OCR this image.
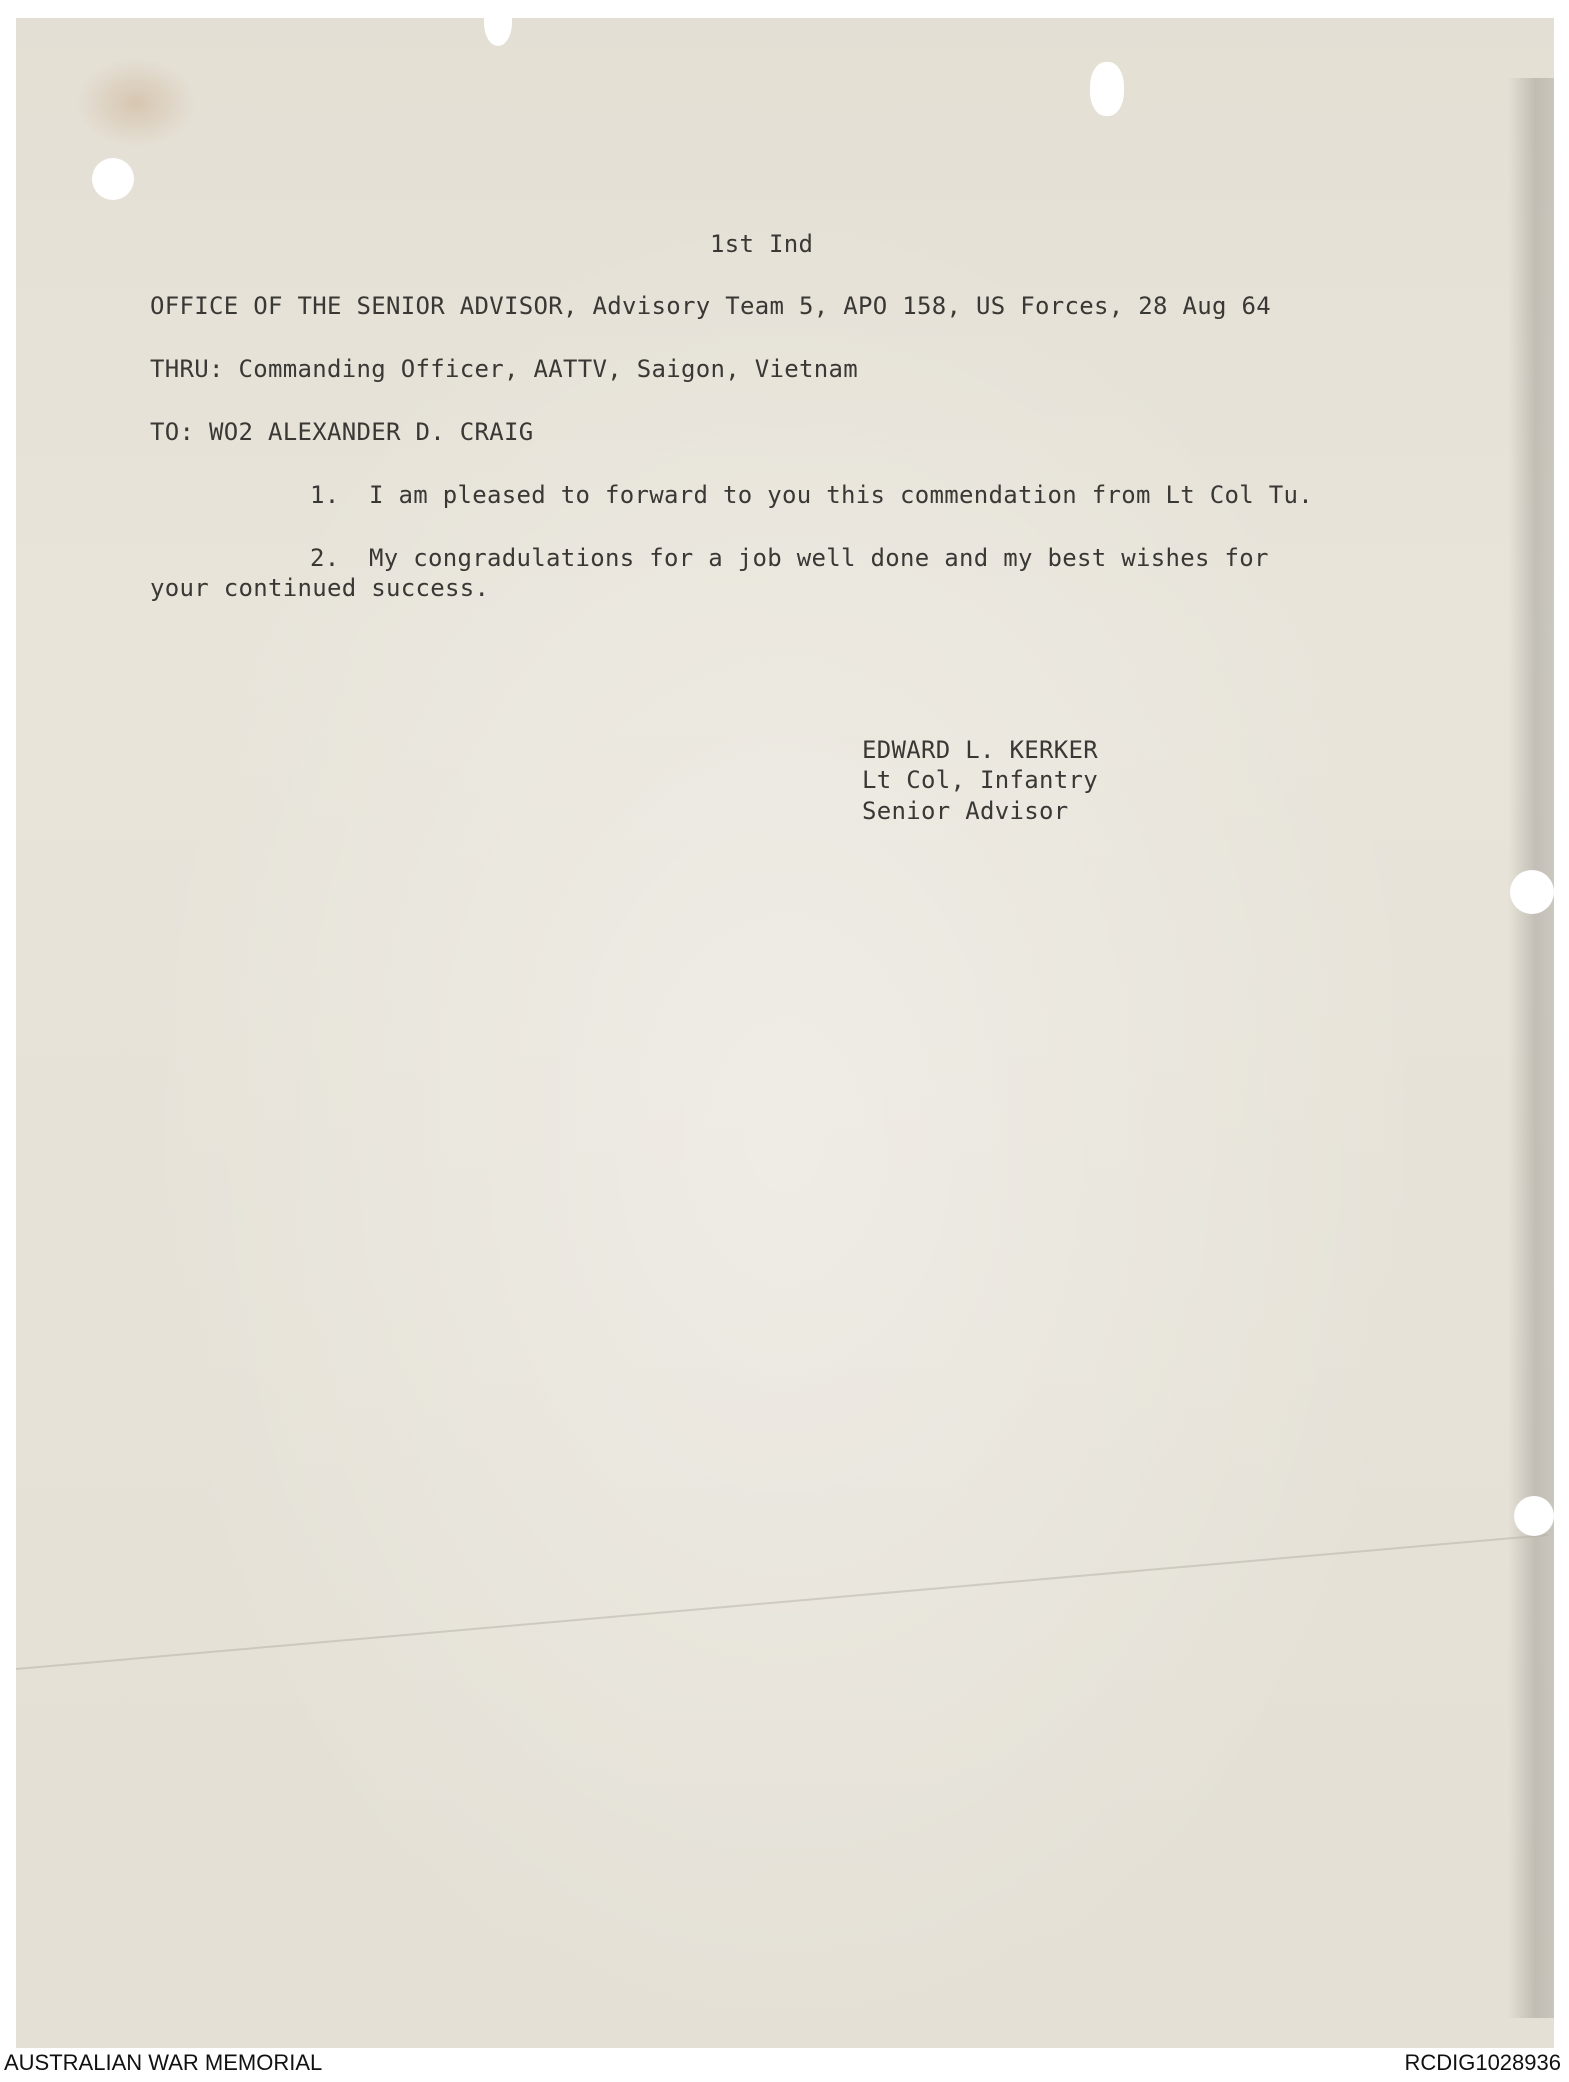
1st Ind
OFFICE OF THE SENIOR ADVISOR, Advisory Team 5, APO 158, US Forces, 28 Aug 64
THRU: Commanding Officer, AATTV, Saigon, Vietnam
TO: WO2 ALEXANDER D. CRAIG
1.  I am pleased to forward to you this commendation from Lt Col Tu.
2.  My congradulations for a job well done and my best wishes for
your continued success.
EDWARD L. KERKER
Lt Col, Infantry
Senior Advisor
AUSTRALIAN WAR MEMORIAL	RCDIG1028936
